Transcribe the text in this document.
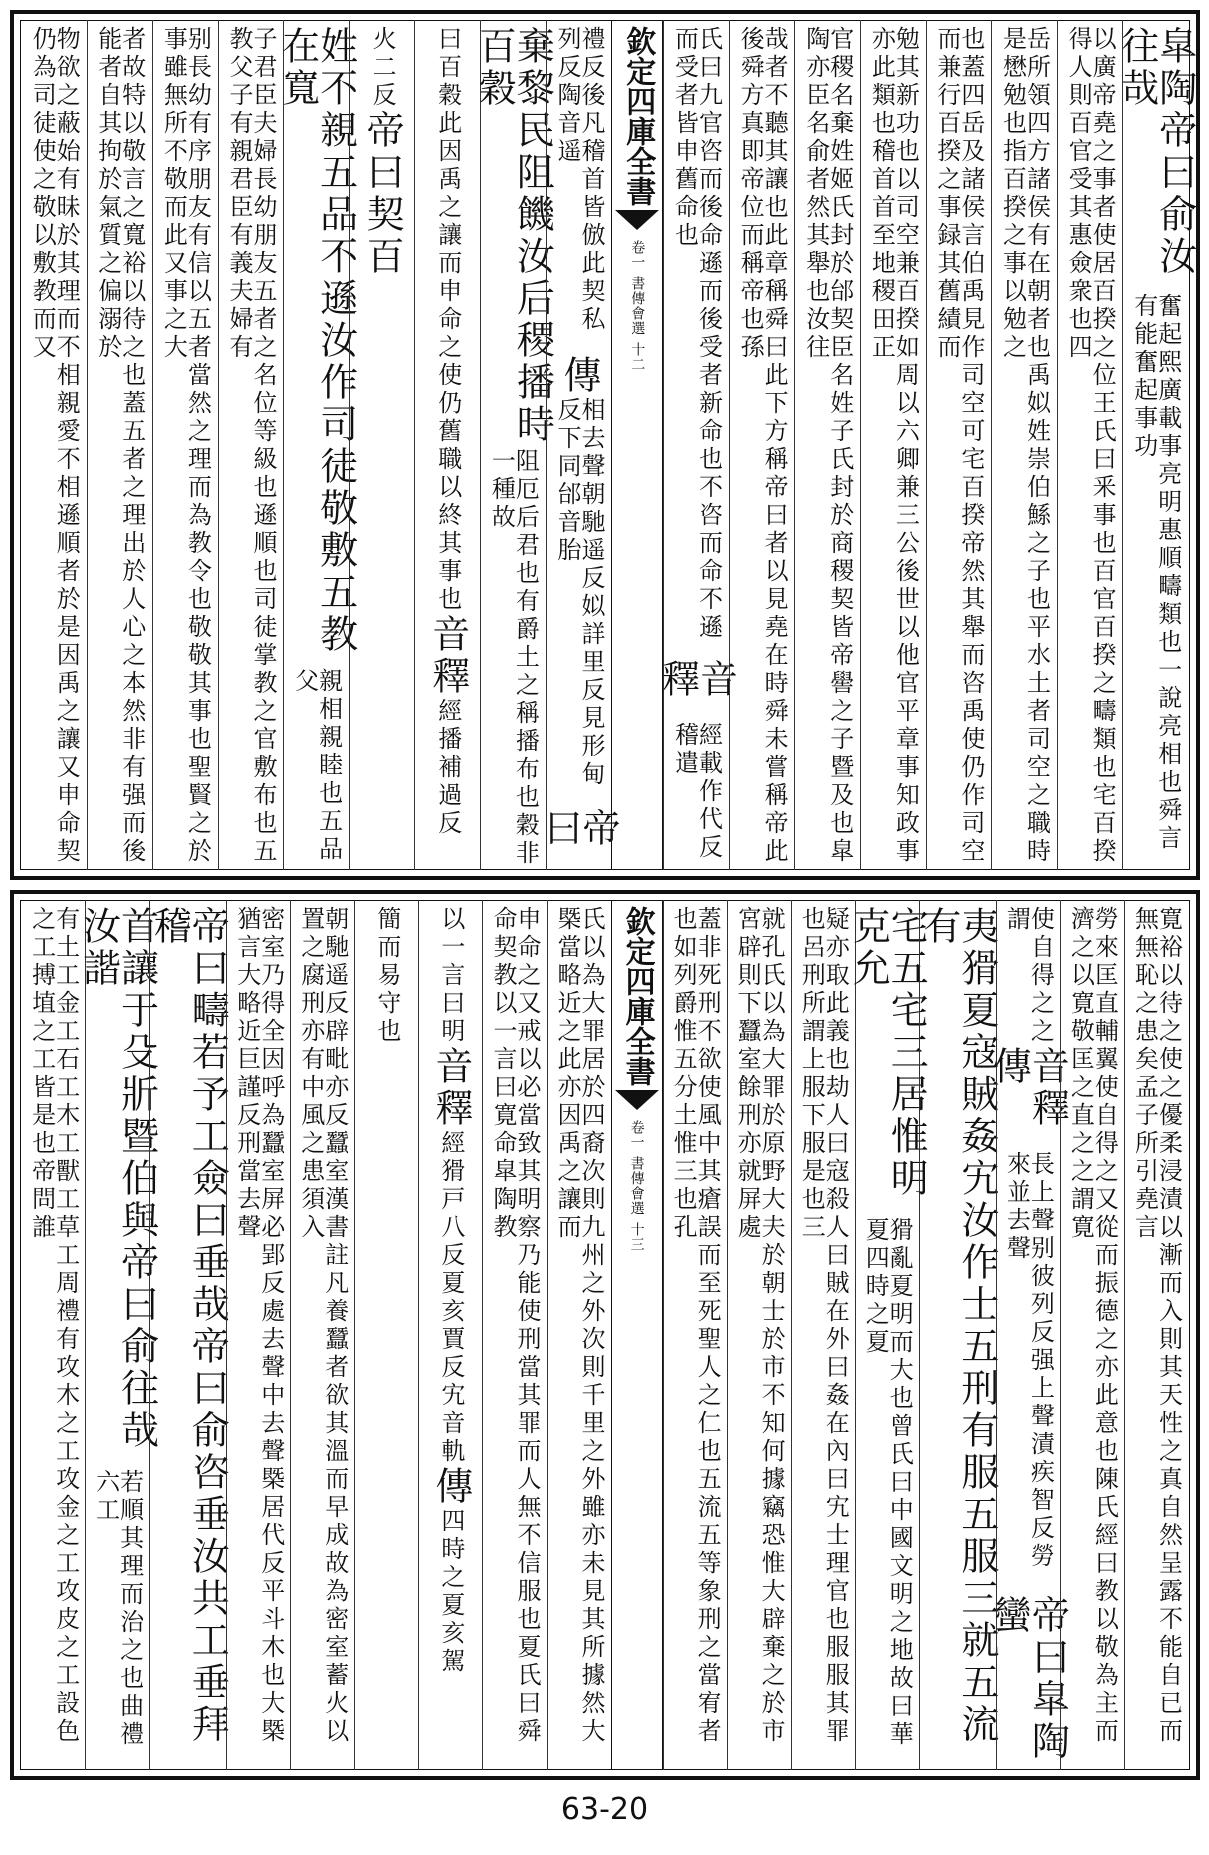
皐陶帝曰俞汝往哉
奮起熙廣載事亮明惠順疇類也一說亮相也舜言有能奮起事功
以廣帝堯之事者使居百揆之位王氏曰釆事也百官百揆之疇類也宅百揆得人則百官受其惠僉衆也四
岳所領四方諸侯有在朝者也禹姒姓崇伯鯀之子也平水土者司空之職時是懋勉也指百揆之事以勉之
也蓋四岳及諸侯言伯禹見作司空可宅百揆帝然其舉而咨禹使仍作司空而兼行百揆之事録其舊績而
勉其新功也以司空兼百揆如周以六卿兼三公後世以他官平章事知政事亦此類也稽首首至地稷田正
官稷名棄姓姬氏封於邰契臣名姓子氏封於商稷契皆帝嚳之子暨及也皐陶亦臣名俞者然其舉也汝往
哉者不聽其讓也此章稱舜曰此下方稱帝曰者以見堯在時舜未嘗稱帝此後舜方真即帝位而稱帝也孫
氏曰九官咨而後命遜而後受者新命也不咨而命不遜而受者皆申舊命也
音釋
經載作代反稽遣
欽定四庫全書
卷一
書傳會選
十二
禮反後凡稽首皆倣此契私列反陶音遥
傳
相去聲朝馳遥反姒詳里反見形甸反下同邰音胎
帝曰
棄黎民阻饑汝后稷播時百穀
阻厄后君也有爵土之稱播布也穀非一種故
曰百穀此因禹之讓而申命之使仍舊職以終其事也
音釋
經播補過反
火二反
帝曰契百
姓不親五品不遜汝作司徒敬敷五教在寬
親相親睦也五品父
子君臣夫婦長幼朋友五者之名位等級也遜順也司徒掌教之官敷布也五教父子有親君臣有義夫婦有
别長幼有序朋友有信以五者當然之理而為教令也敬敬其事也聖賢之於事雖無所不敬而此又事之大
者故特以敬言之寬裕以待之也蓋五者之理出於人心之本然非有强而後能者自其拘於氣質之偏溺於
物欲之蔽始有昧於其理而不相親愛不相遜順者於是因禹之讓又申命契仍為司徒使之敬以敷教而又
寛裕以待之使之優柔浸漬以漸而入則其天性之真自然呈露不能自已而無無恥之患矣孟子所引堯言
勞來匡直輔翼使自得之又從而振德之亦此意也陳氏經曰教以敬為主而濟之以寛敬匡之直之之謂寛
使自得之之謂
音釋傳
長上聲别彼列反强上聲漬疾智反勞來並去聲
帝曰皐陶蠻
夷猾夏寇賊姦宄汝作士五刑有服五服三就五流有
宅五宅三居惟明克允
猾亂夏明而大也曾氏曰中國文明之地故曰華夏四時之夏
疑亦取此義也劫人曰寇殺人曰賊在外曰姦在內曰宄士理官也服服其罪也呂刑所謂上服下服是也三
就孔氏以為大罪於原野大夫於朝士於市不知何據竊恐惟大辟棄之於市宮辟則下蠶室餘刑亦就屏處
蓋非死刑不欲使風中其瘡誤而至死聖人之仁也五流五等象刑之當宥者也如列爵惟五分土惟三也孔
欽定四庫全書
卷一
書傳會選
十三
氏以為大罪居於四裔次則九州之外次則千里之外雖亦未見其所據然大槩當略近之此亦因禹之讓而
申命之又戒以必當致其明察乃能使刑當其罪而人無不信服也夏氏曰舜命契教以一言曰寛命皐陶教
以一言曰明
音釋
經猾戸八反夏亥賈反宄音軌
傳
四時之夏亥駕
簡而易守也
朝馳遥反辟毗亦反蠶室漢書註凡養蠶者欲其溫而早成故為密室蓄火以置之腐刑亦有中風之患須入
密室乃得全因呼為蠶室屏必郢反處去聲中去聲槩居代反平斗木也大槩猶言大略近巨謹反刑當去聲
帝曰疇若予工僉曰垂哉帝曰俞咨垂汝共工垂拜稽
首讓于殳斨暨伯與帝曰俞往哉汝諧
若順其理而治之也曲禮六工
有土工金工石工木工獸工草工周禮有攻木之工攻金之工攻皮之工設色之工搏埴之工皆是也帝問誰
63-20
